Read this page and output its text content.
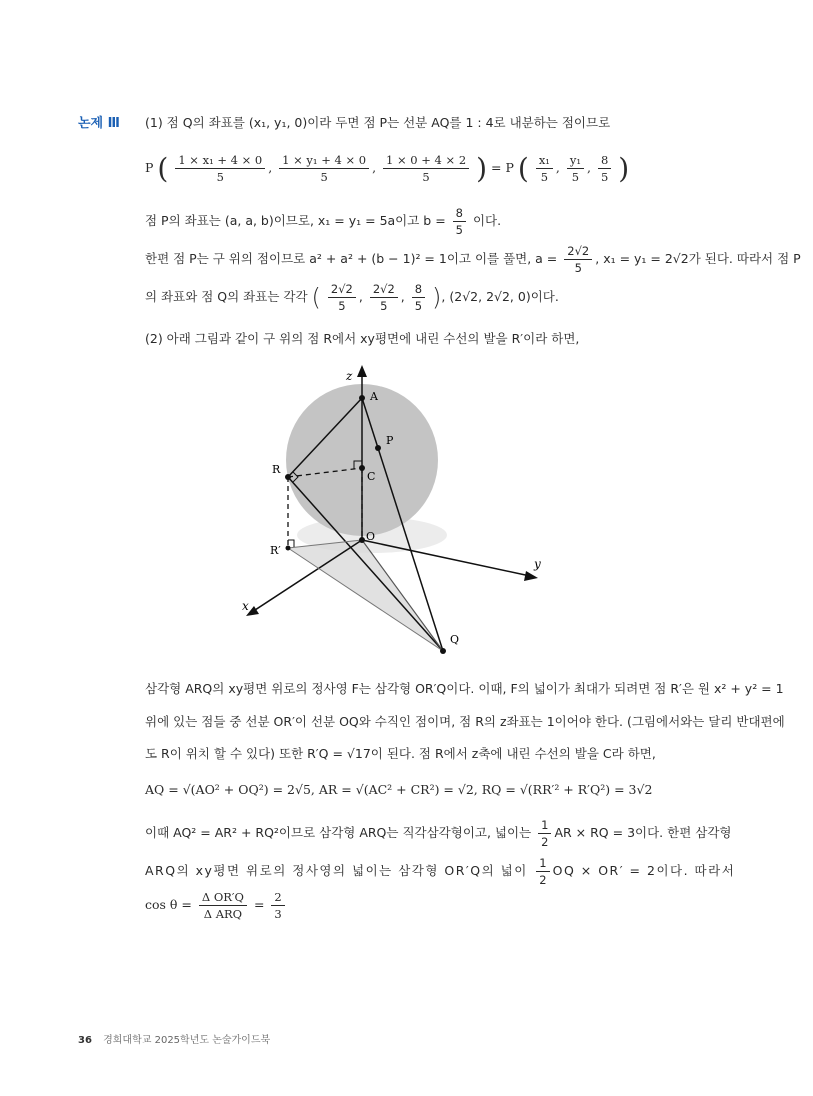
논제 Ⅲ (1) 점 Q의 좌표를 (x₁, y₁, 0)이라 두면 점 P는 선분 AQ를 1 : 4로 내분하는 점이므로
P ( $\frac{\text{1 × x₁ + 4 × 0}}{5}$ , $\frac{\text{1 × y₁ + 4 × 0}}{5}$ , $\frac{1 \times 0 + 4 \times 2}{5}$ ) = P ( $\frac{\text{x₁}}{5}$ , $\frac{\text{y₁}}{5}$ , $\frac{8}{5}$ )
점 P의 좌표는 (a, a, b)이므로, x₁ = y₁ = 5a이고 $b = \frac{8}{5}$ 이다.
한편 점 P는 구 위의 점이므로 a² + a² + (b − 1)² = 1이고 이를 풀면, $a = \frac{2√2}{5}$ , x₁ = y₁ = 2√2가 된다. 따라서 점 P
의 좌표와 점 Q의 좌표는 각각 ( $\frac{2√2}{5}$ , $\frac{2√2}{5}$ , $\frac{8}{5}$ ), (2√2, 2√2, 0)이다.
(2) 아래 그림과 같이 구 위의 점 R에서 xy평면에 내린 수선의 발을 R′이라 하면,
z
A
P
R
C
O
R′
y
x
Q
삼각형 ARQ의 xy평면 위로의 정사영 F는 삼각형 OR′Q이다. 이때, F의 넓이가 최대가 되려면 점 R′은 원 x² + y² = 1
위에 있는 점들 중 선분 OR′이 선분 OQ와 수직인 점이며, 점 R의 z좌표는 1이어야 한다. (그림에서와는 달리 반대편에
도 R이 위치 할 수 있다) 또한 R′Q = √17이 된다. 점 R에서 z축에 내린 수선의 발을 C라 하면,
AQ = √(AO² + OQ²) = 2√5, AR = √(AC² + CR²) = √2, RQ = √(RR′² + R′Q²) = 3√2
이때 AQ² = AR² + RQ²이므로 삼각형 ARQ는 직각삼각형이고, 넓이는 $\frac{1}{2}$ AR × RQ = 3이다. 한편 삼각형
ARQ의 xy평면 위로의 정사영의 넓이는 삼각형 OR′Q의 넓이 $\frac{1}{2}$ OQ × OR′ = 2이다. 따라서
$\cos \theta = \frac{\text{Δ OR′Q}}{\text{Δ ARQ}} = \frac{2}{3}$
36 경희대학교 2025학년도 논술가이드북
